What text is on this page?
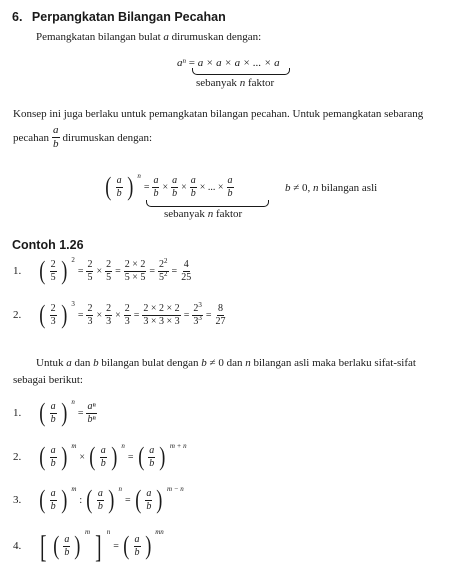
6. Perpangkatan Bilangan Pecahan
Pemangkatan bilangan bulat a dirumuskan dengan:
$a^n = a \times a \times a$ × ... × a
sebanyak n faktor
Konsep ini juga berlaku untuk pemangkatan bilangan pecahan. Untuk pemangkatan sebarang
pecahan $\frac{a}{b}$ dirumuskan dengan:
( $\frac{a}{b}$ ) n
= $\frac{a}{b} \times \frac{a}{b} \times \frac{a}{b}$ × ... × $\frac{a}{b}$	b ≠ 0, n bilangan asli
sebanyak n faktor
Contoh 1.26
1. ( $\frac{2}{5}$ ) 2
= $\frac{2}{5} \times \frac{2}{5} = \frac{2 \times 2}{5 \times 5} = \frac{2^2}{5^2} = \frac{4}{25}$
2. ( $\frac{2}{3}$ ) 3
= $\frac{2}{3} \times \frac{2}{3} \times \frac{2}{3} = \frac{2 \times 2 \times 2}{3 \times 3 \times 3} = \frac{2^3}{3^3} = \frac{8}{27}$
Untuk a dan b bilangan bulat dengan b ≠ 0 dan n bilangan asli maka berlaku sifat-sifat
sebagai berikut:
1. ( $\frac{a}{b}$ ) n
= $\frac{\text{aⁿ}}{\text{bⁿ}}$
2. ( $\frac{a}{b}$ ) m
× ( $\frac{a}{b}$ ) n
= ( $\frac{a}{b}$ ) m + n
3. ( $\frac{a}{b}$ ) m
: ( $\frac{a}{b}$ ) n
= ( $\frac{a}{b}$ ) m − n
4. [ ( $\frac{a}{b}$ ) m ] n
= ( $\frac{a}{b}$ ) mn
